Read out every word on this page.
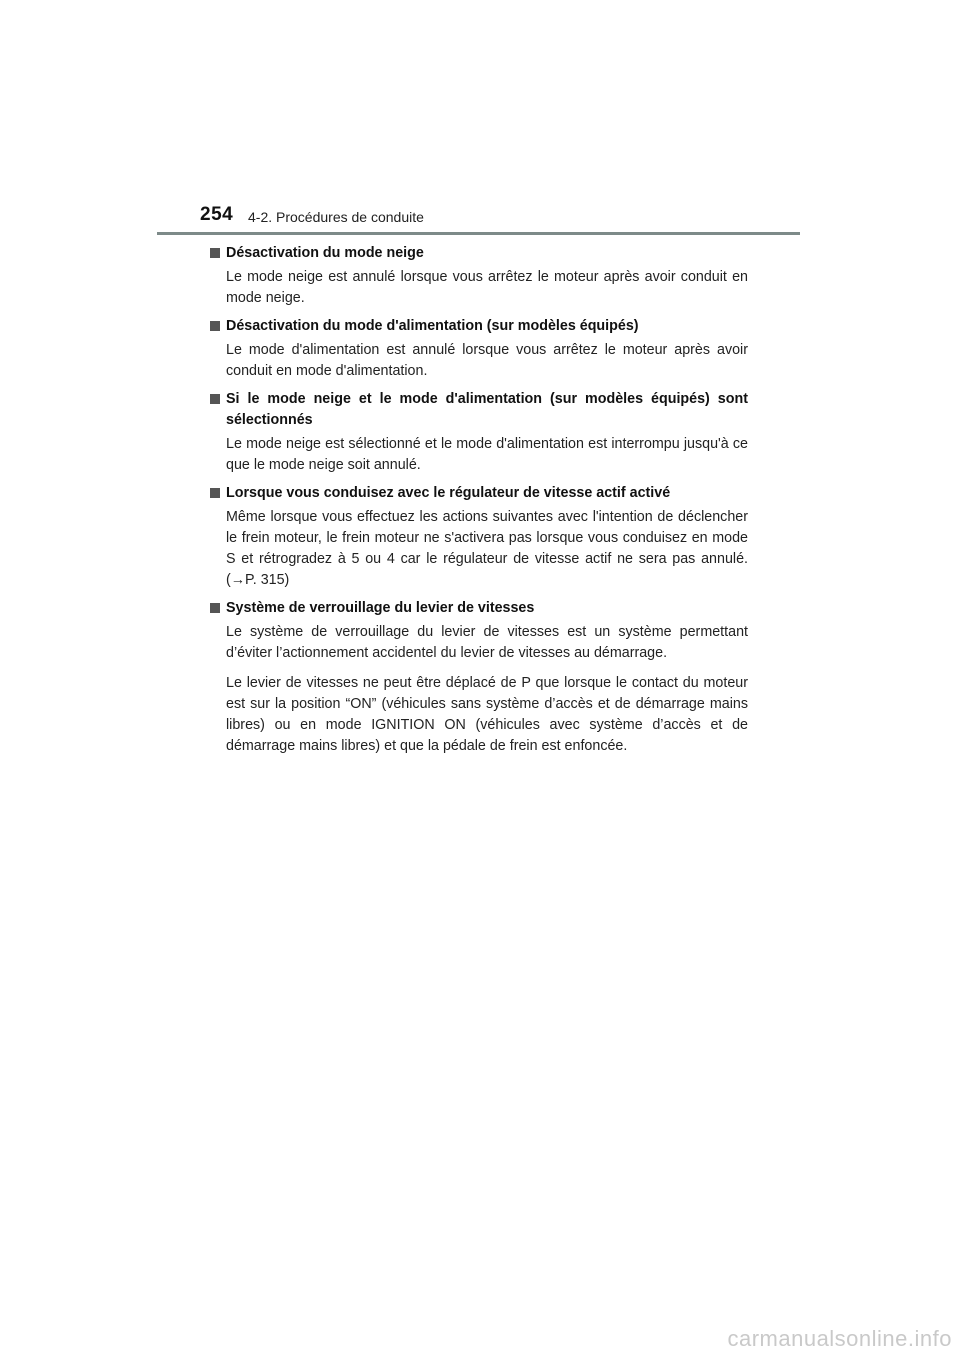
254 4-2. Procédures de conduite
Désactivation du mode neige

Le mode neige est annulé lorsque vous arrêtez le moteur après avoir conduit en mode neige.

Désactivation du mode d'alimentation (sur modèles équipés)

Le mode d'alimentation est annulé lorsque vous arrêtez le moteur après avoir conduit en mode d'alimentation.

Si le mode neige et le mode d'alimentation (sur modèles équipés) sont sélectionnés

Le mode neige est sélectionné et le mode d'alimentation est interrompu jusqu'à ce que le mode neige soit annulé.

Lorsque vous conduisez avec le régulateur de vitesse actif activé

Même lorsque vous effectuez les actions suivantes avec l'intention de déclencher le frein moteur, le frein moteur ne s'activera pas lorsque vous conduisez en mode S et rétrogradez à 5 ou 4 car le régulateur de vitesse actif ne sera pas annulé. (→P. 315)

Système de verrouillage du levier de vitesses

Le système de verrouillage du levier de vitesses est un système permettant d’éviter l’actionnement accidentel du levier de vitesses au démarrage.

Le levier de vitesses ne peut être déplacé de P que lorsque le contact du moteur est sur la position “ON” (véhicules sans système d’accès et de démarrage mains libres) ou en mode IGNITION ON (véhicules avec système d’accès et de démarrage mains libres) et que la pédale de frein est enfoncée.

carmanualsonline.info
